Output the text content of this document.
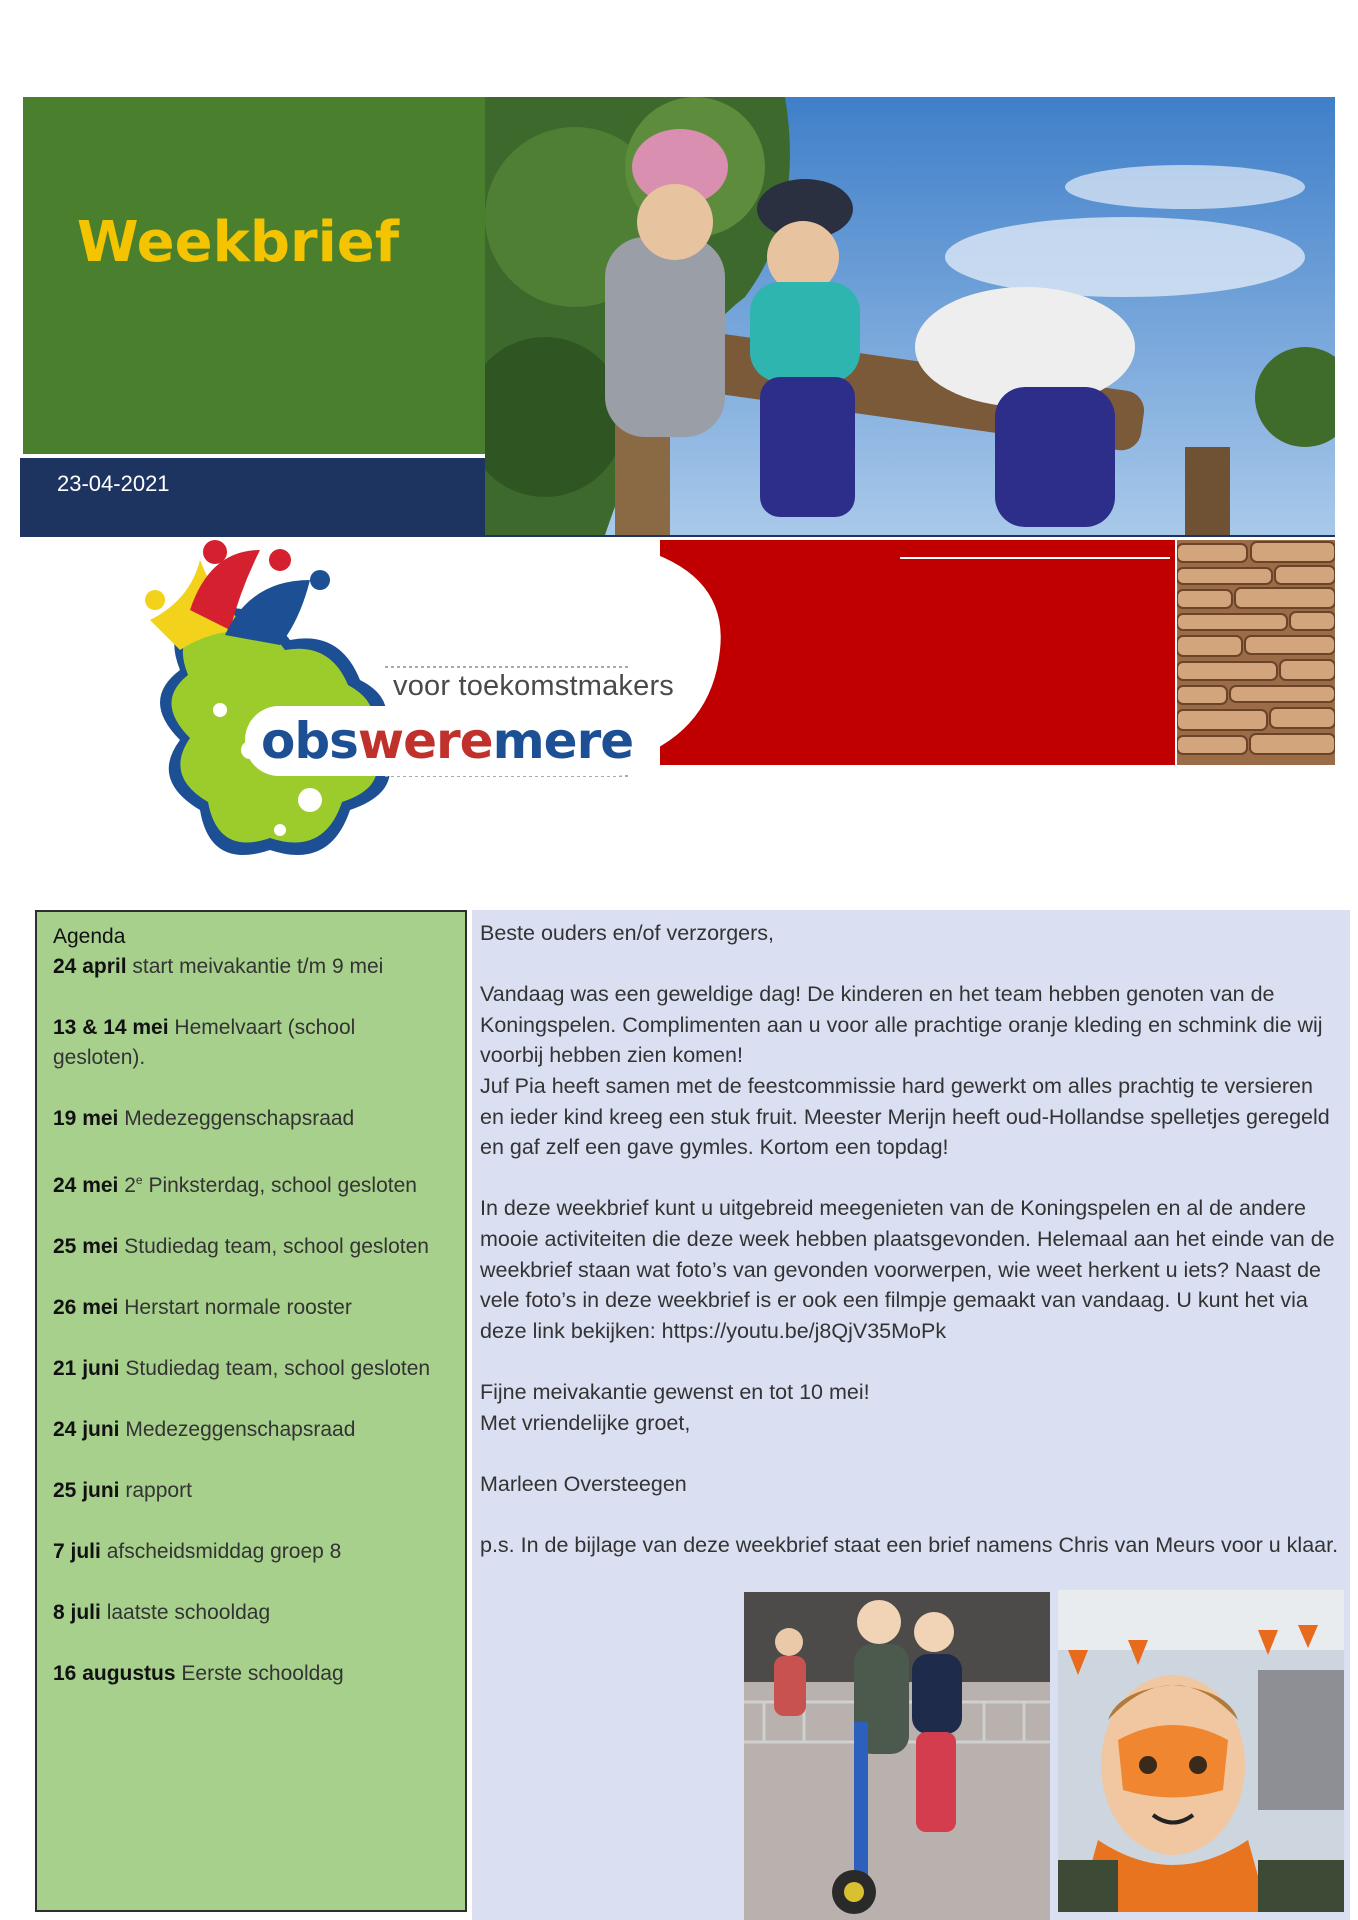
Weekbrief
23-04-2021
voor toekomstmakers
obsweremere
Agenda
24 april start meivakantie t/m 9 mei
13 & 14 mei Hemelvaart (school gesloten).
19 mei Medezeggenschapsraad
24 mei 2e Pinksterdag, school gesloten
25 mei Studiedag team, school gesloten
26 mei Herstart normale rooster
21 juni Studiedag team, school gesloten
24 juni Medezeggenschapsraad
25 juni rapport
7 juli afscheidsmiddag groep 8
8 juli laatste schooldag
16 augustus Eerste schooldag

Beste ouders en/of verzorgers,

Vandaag was een geweldige dag! De kinderen en het team hebben genoten van de Koningspelen. Complimenten aan u voor alle prachtige oranje kleding en schmink die wij voorbij hebben zien komen!

Juf Pia heeft samen met de feestcommissie hard gewerkt om alles prachtig te versieren en ieder kind kreeg een stuk fruit. Meester Merijn heeft oud-Hollandse spelletjes geregeld en gaf zelf een gave gymles. Kortom een topdag!

In deze weekbrief kunt u uitgebreid meegenieten van de Koningspelen en al de andere mooie activiteiten die deze week hebben plaatsgevonden. Helemaal aan het einde van de weekbrief staan wat foto’s van gevonden voorwerpen, wie weet herkent u iets? Naast de vele foto’s in deze weekbrief is er ook een filmpje gemaakt van vandaag. U kunt het via deze link bekijken: https://youtu.be/j8QjV35MoPk

Fijne meivakantie gewenst en tot 10 mei!

Met vriendelijke groet,

Marleen Oversteegen

p.s. In de bijlage van deze weekbrief staat een brief namens Chris van Meurs voor u klaar.
